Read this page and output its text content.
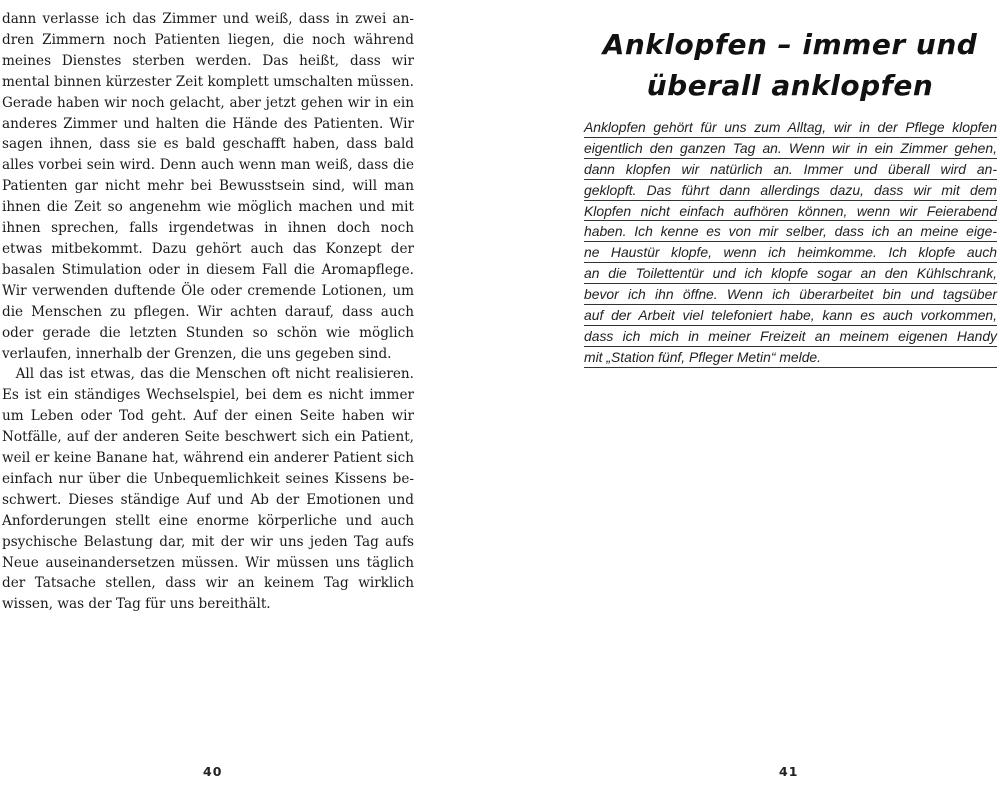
dann verlasse ich das Zimmer und weiß, dass in zwei andren Zimmern noch Patienten liegen, die noch während meines Dienstes sterben werden. Das heißt, dass wir mental binnen kürzester Zeit komplett umschalten müssen. Gerade haben wir noch gelacht, aber jetzt gehen wir in ein anderes Zimmer und halten die Hände des Patienten. Wir sagen ihnen, dass sie es bald geschafft haben, dass bald alles vorbei sein wird. Denn auch wenn man weiß, dass die Patienten gar nicht mehr bei Bewusstsein sind, will man ihnen die Zeit so angenehm wie möglich machen und mit ihnen sprechen, falls irgendetwas in ihnen doch noch etwas mitbekommt. Dazu gehört auch das Konzept der basalen Stimulation oder in diesem Fall die Aromapflege. Wir verwenden duftende Öle oder cremende Lotionen, um die Menschen zu pflegen. Wir achten darauf, dass auch oder gerade die letzten Stunden so schön wie möglich verlaufen, innerhalb der Grenzen, die uns gegeben sind.

All das ist etwas, das die Menschen oft nicht realisieren. Es ist ein ständiges Wechselspiel, bei dem es nicht immer um Leben oder Tod geht. Auf der einen Seite haben wir Notfälle, auf der anderen Seite beschwert sich ein Patient, weil er keine Banane hat, während ein anderer Patient sich einfach nur über die Unbequemlichkeit seines Kissens beschwert. Dieses ständige Auf und Ab der Emotionen und Anforderungen stellt eine enorme körperliche und auch psychische Belastung dar, mit der wir uns jeden Tag aufs Neue auseinandersetzen müssen. Wir müssen uns täglich der Tatsache stellen, dass wir an keinem Tag wirklich wissen, was der Tag für uns bereithält.

40
Anklopfen – immer und
überall anklopfen
Anklopfen gehört für uns zum Alltag, wir in der Pflege klopfen
eigentlich den ganzen Tag an. Wenn wir in ein Zimmer gehen,
dann klopfen wir natürlich an. Immer und überall wird an-
geklopft. Das führt dann allerdings dazu, dass wir mit dem
Klopfen nicht einfach aufhören können, wenn wir Feierabend
haben. Ich kenne es von mir selber, dass ich an meine eige-
ne Haustür klopfe, wenn ich heimkomme. Ich klopfe auch
an die Toilettentür und ich klopfe sogar an den Kühlschrank,
bevor ich ihn öffne. Wenn ich überarbeitet bin und tagsüber
auf der Arbeit viel telefoniert habe, kann es auch vorkommen,
dass ich mich in meiner Freizeit an meinem eigenen Handy
mit „Station fünf, Pfleger Metin“ melde.
41
